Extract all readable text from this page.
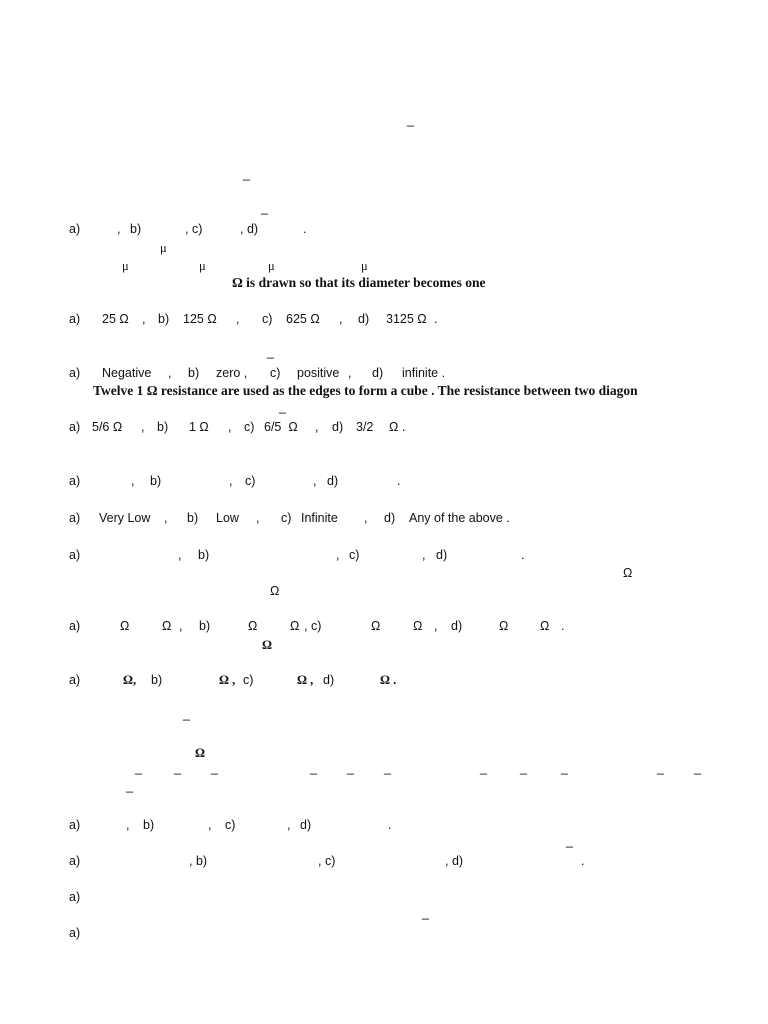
_
_
_
a)	, b)	, c)	, d)	.
μ
μ	μ	μ	μ
Ω is drawn so that its diameter becomes one
a) 25 Ω , b) 125 Ω , c) 625 Ω , d) 3125 Ω .
_
a) Negative , b) zero , c) positive , d) infinite .
Twelve 1 Ω resistance are used as the edges to form a cube . The resistance between two diagon
_
a) 5/6 Ω , b) 1 Ω , c) 6/5  Ω , d) 3/2 Ω .
a)	, b)	, c)	, d)	.
a) Very Low , b) Low , c) Infinite , d) Any of the above .
a)	, b)	, c)	, d)	.
Ω
Ω
a)	Ω	Ω , b)	Ω	Ω , c)	Ω	Ω , d)	Ω	Ω .
Ω
a)	Ω, b)	Ω , c)	Ω , d)	Ω .
_
Ω
_	_ _	_ _ _	_	_	_	_ _
_
a)	, b)	, c)	, d)	.
_
a)	, b)	, c)	, d)	.
a)
_
a)
